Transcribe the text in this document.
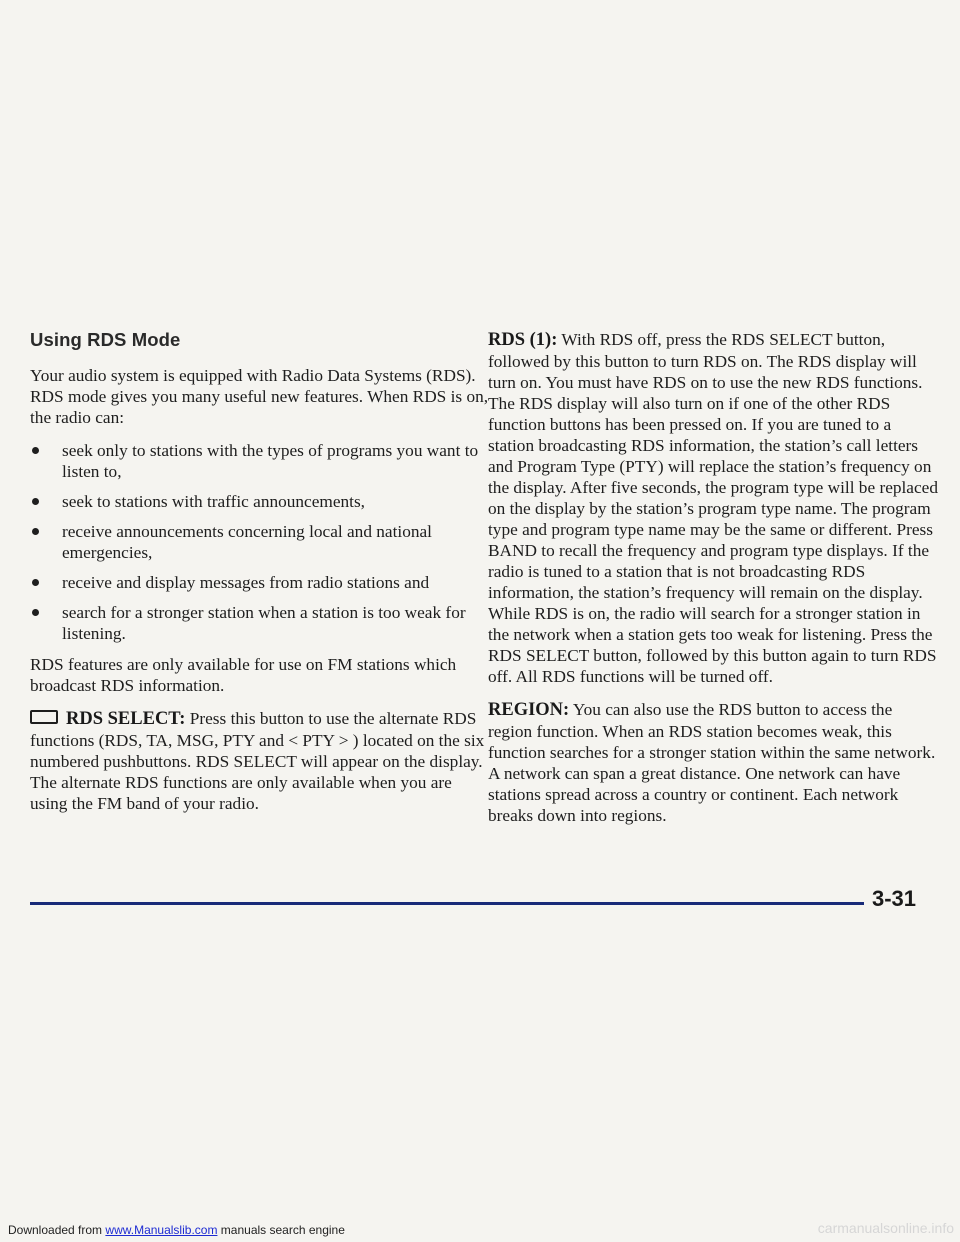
Using RDS Mode

Your audio system is equipped with Radio Data Systems (RDS). RDS mode gives you many useful new features. When RDS is on, the radio can:

seek only to stations with the types of programs you want to listen to,
seek to stations with traffic announcements,
receive announcements concerning local and national emergencies,
receive and display messages from radio stations and
search for a stronger station when a station is too weak for listening.

RDS features are only available for use on FM stations which broadcast RDS information.

RDS SELECT: Press this button to use the alternate RDS functions (RDS, TA, MSG, PTY and < PTY > ) located on the six numbered pushbuttons. RDS SELECT will appear on the display. The alternate RDS functions are only available when you are using the FM band of your radio.

RDS (1): With RDS off, press the RDS SELECT button, followed by this button to turn RDS on. The RDS display will turn on. You must have RDS on to use the new RDS functions. The RDS display will also turn on if one of the other RDS function buttons has been pressed on. If you are tuned to a station broadcasting RDS information, the station’s call letters and Program Type (PTY) will replace the station’s frequency on the display. After five seconds, the program type will be replaced on the display by the station’s program type name. The program type and program type name may be the same or different. Press BAND to recall the frequency and program type displays. If the radio is tuned to a station that is not broadcasting RDS information, the station’s frequency will remain on the display. While RDS is on, the radio will search for a stronger station in the network when a station gets too weak for listening. Press the RDS SELECT button, followed by this button again to turn RDS off. All RDS functions will be turned off.

REGION: You can also use the RDS button to access the region function. When an RDS station becomes weak, this function searches for a stronger station within the same network. A network can span a great distance. One network can have stations spread across a country or continent. Each network breaks down into regions.

3-31
Downloaded from www.Manualslib.com manuals search engine	carmanualsonline.info
